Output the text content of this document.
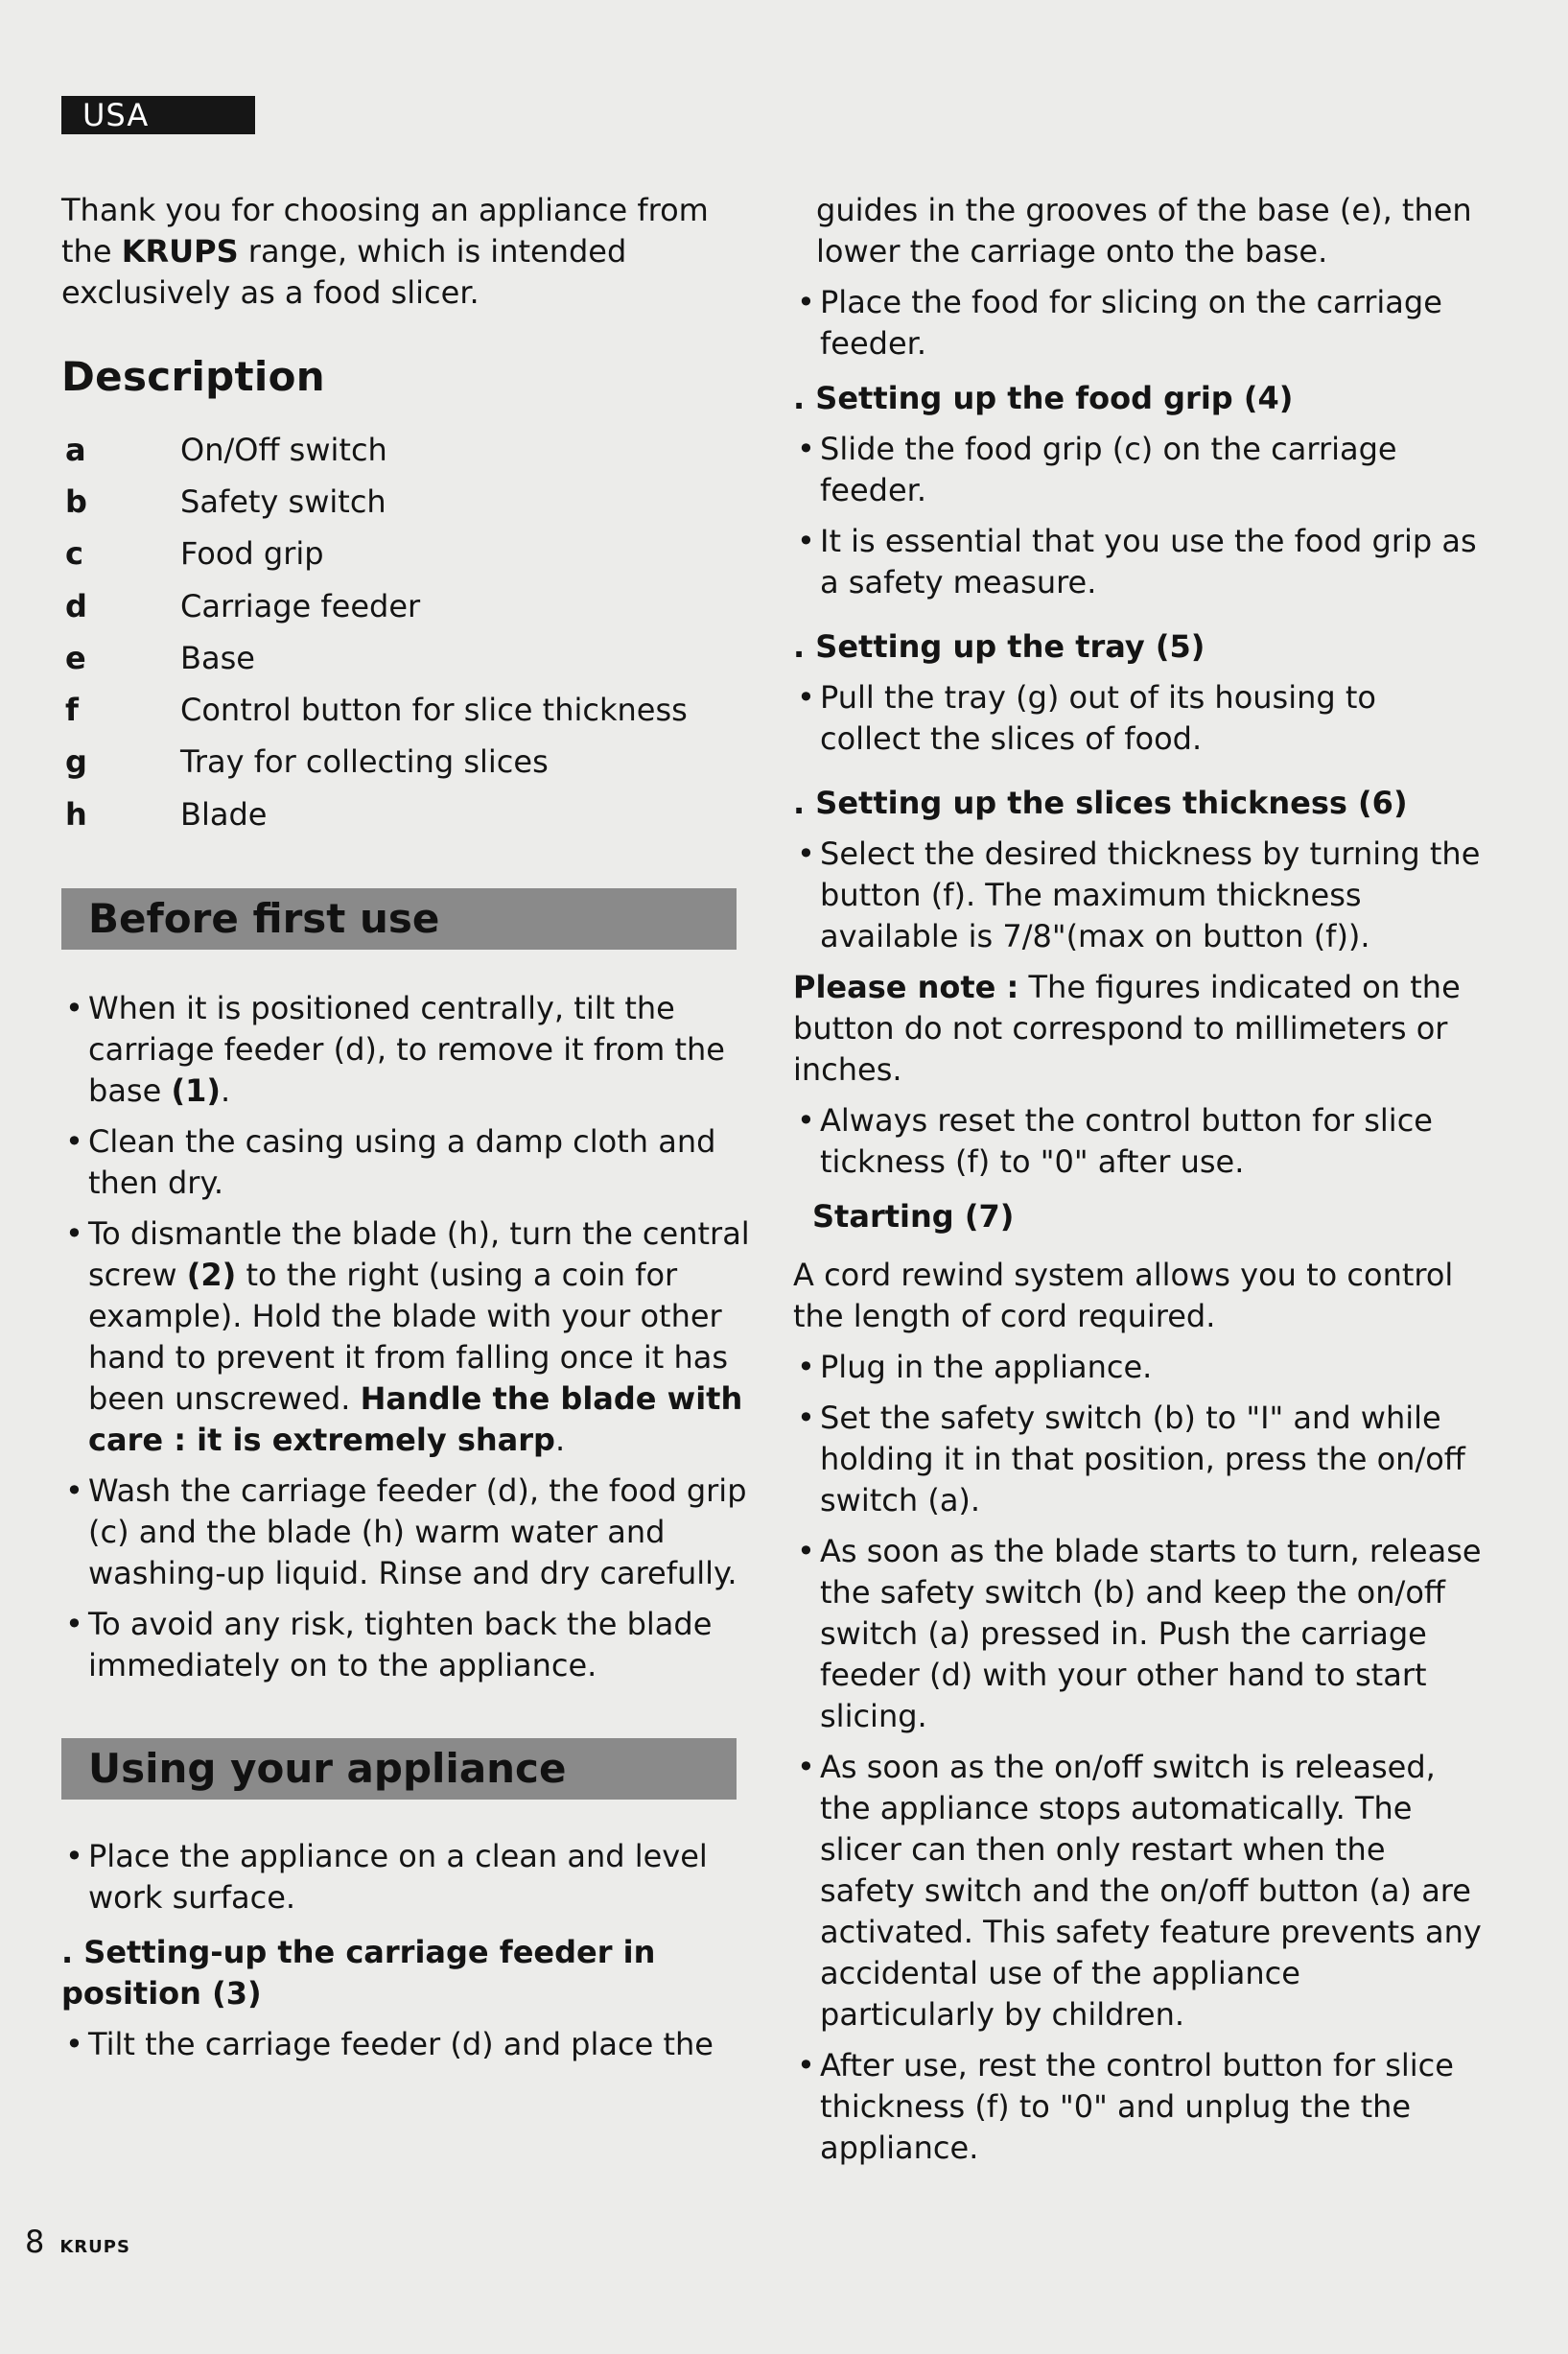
USA

Thank you for choosing an appliance from the KRUPS range, which is intended exclusively as a food slicer.

Description
a	On/Off switch
b	Safety switch
c	Food grip
d	Carriage feeder
e	Base
f	Control button for slice thickness
g	Tray for collecting slices
h	Blade
Before first use
• When it is positioned centrally, tilt the carriage feeder (d), to remove it from the base (1).
• Clean the casing using a damp cloth and then dry.
• To dismantle the blade (h), turn the central screw (2) to the right (using a coin for example). Hold the blade with your other hand to prevent it from falling once it has been unscrewed. Handle the blade with care : it is extremely sharp.
• Wash the carriage feeder (d), the food grip (c) and the blade (h) warm water and washing-up liquid. Rinse and dry carefully.
• To avoid any risk, tighten back the blade immediately on to the appliance.
Using your appliance
• Place the appliance on a clean and level work surface.

. Setting-up the carriage feeder in position (3)

• Tilt the carriage feeder (d) and place the

guides in the grooves of the base (e), then lower the carriage onto the base.

• Place the food for slicing on the carriage feeder.

. Setting up the food grip (4)

• Slide the food grip (c) on the carriage feeder.
• It is essential that you use the food grip as a safety measure.

. Setting up the tray (5)

• Pull the tray (g) out of its housing to collect the slices of food.

. Setting up the slices thickness (6)

• Select the desired thickness by turning the button (f). The maximum thickness available is 7/8"(max on button (f)).

Please note : The figures indicated on the button do not correspond to millimeters or inches.

• Always reset the control button for slice tickness (f) to "0" after use.

Starting (7)

A cord rewind system allows you to control the length of cord required.

• Plug in the appliance.
• Set the safety switch (b) to "I" and while holding it in that position, press the on/off switch (a).
• As soon as the blade starts to turn, release the safety switch (b) and keep the on/off switch (a) pressed in. Push the carriage feeder (d) with your other hand to start slicing.
• As soon as the on/off switch is released, the appliance stops automatically. The slicer can then only restart when the safety switch and the on/off button (a) are activated. This safety feature prevents any accidental use of the appliance particularly by children.
• After use, rest the control button for slice thickness (f) to "0" and unplug the the appliance.
8 KRUPS
